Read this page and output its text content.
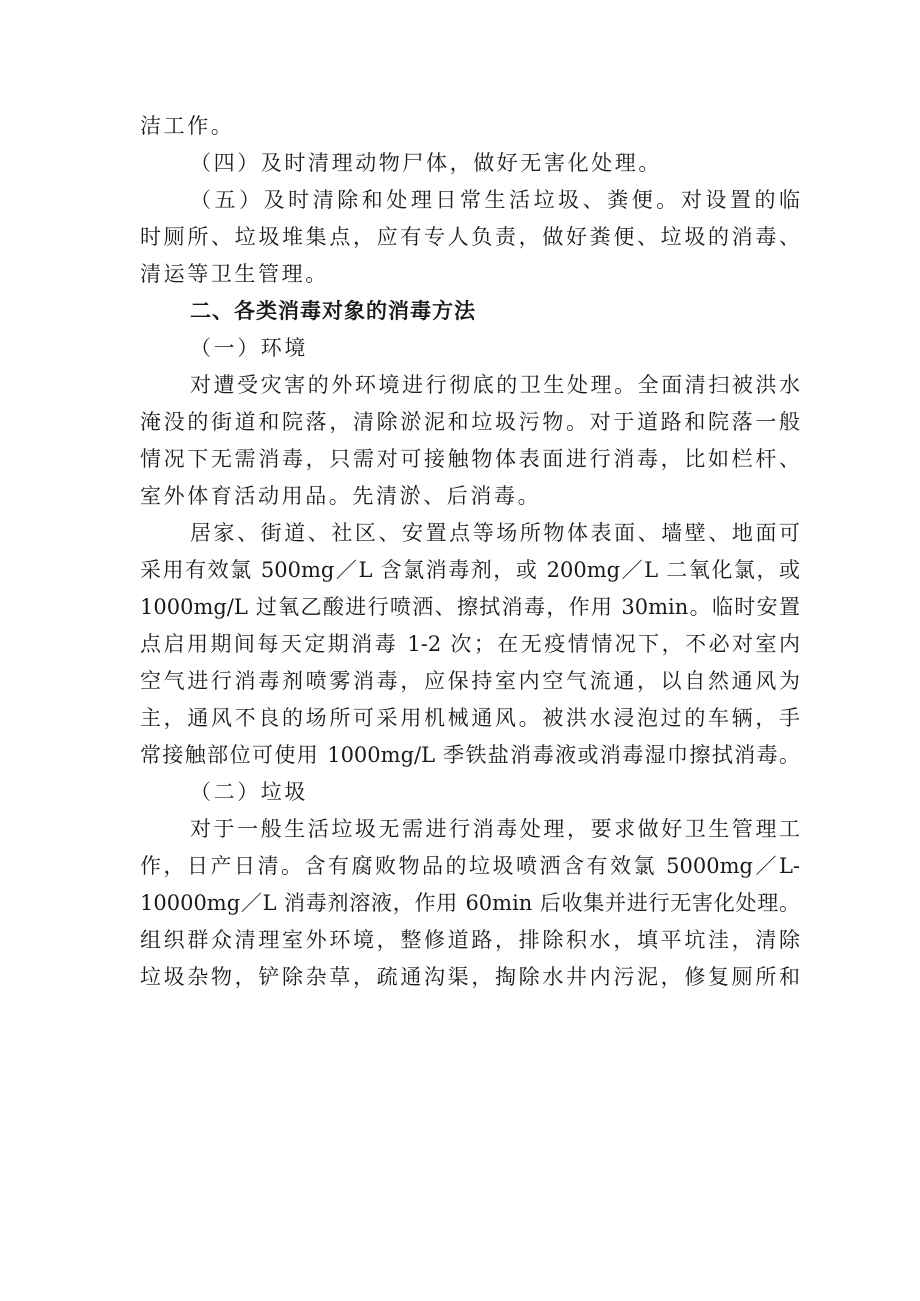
洁工作。
（四）及时清理动物尸体，做好无害化处理。
（五）及时清除和处理日常生活垃圾、粪便。对设置的临
时厕所、垃圾堆集点，应有专人负责，做好粪便、垃圾的消毒、
清运等卫生管理。
二、各类消毒对象的消毒方法
（一）环境
对遭受灾害的外环境进行彻底的卫生处理。全面清扫被洪水
淹没的街道和院落，清除淤泥和垃圾污物。对于道路和院落一般
情况下无需消毒，只需对可接触物体表面进行消毒，比如栏杆、
室外体育活动用品。先清淤、后消毒。
居家、街道、社区、安置点等场所物体表面、墙壁、地面可
采用有效氯 500mg／L 含氯消毒剂，或 200mg／L 二氧化氯，或
1000mg/L 过氧乙酸进行喷洒、擦拭消毒，作用 30min。临时安置
点启用期间每天定期消毒 1-2 次；在无疫情情况下，不必对室内
空气进行消毒剂喷雾消毒，应保持室内空气流通，以自然通风为
主，通风不良的场所可采用机械通风。被洪水浸泡过的车辆，手
常接触部位可使用 1000mg/L 季铁盐消毒液或消毒湿巾擦拭消毒。
（二）垃圾
对于一般生活垃圾无需进行消毒处理，要求做好卫生管理工
作，日产日清。含有腐败物品的垃圾喷洒含有效氯 5000mg／L-
10000mg／L 消毒剂溶液，作用 60min 后收集并进行无害化处理。
组织群众清理室外环境，整修道路，排除积水，填平坑洼，清除
垃圾杂物，铲除杂草，疏通沟渠，掏除水井内污泥，修复厕所和
